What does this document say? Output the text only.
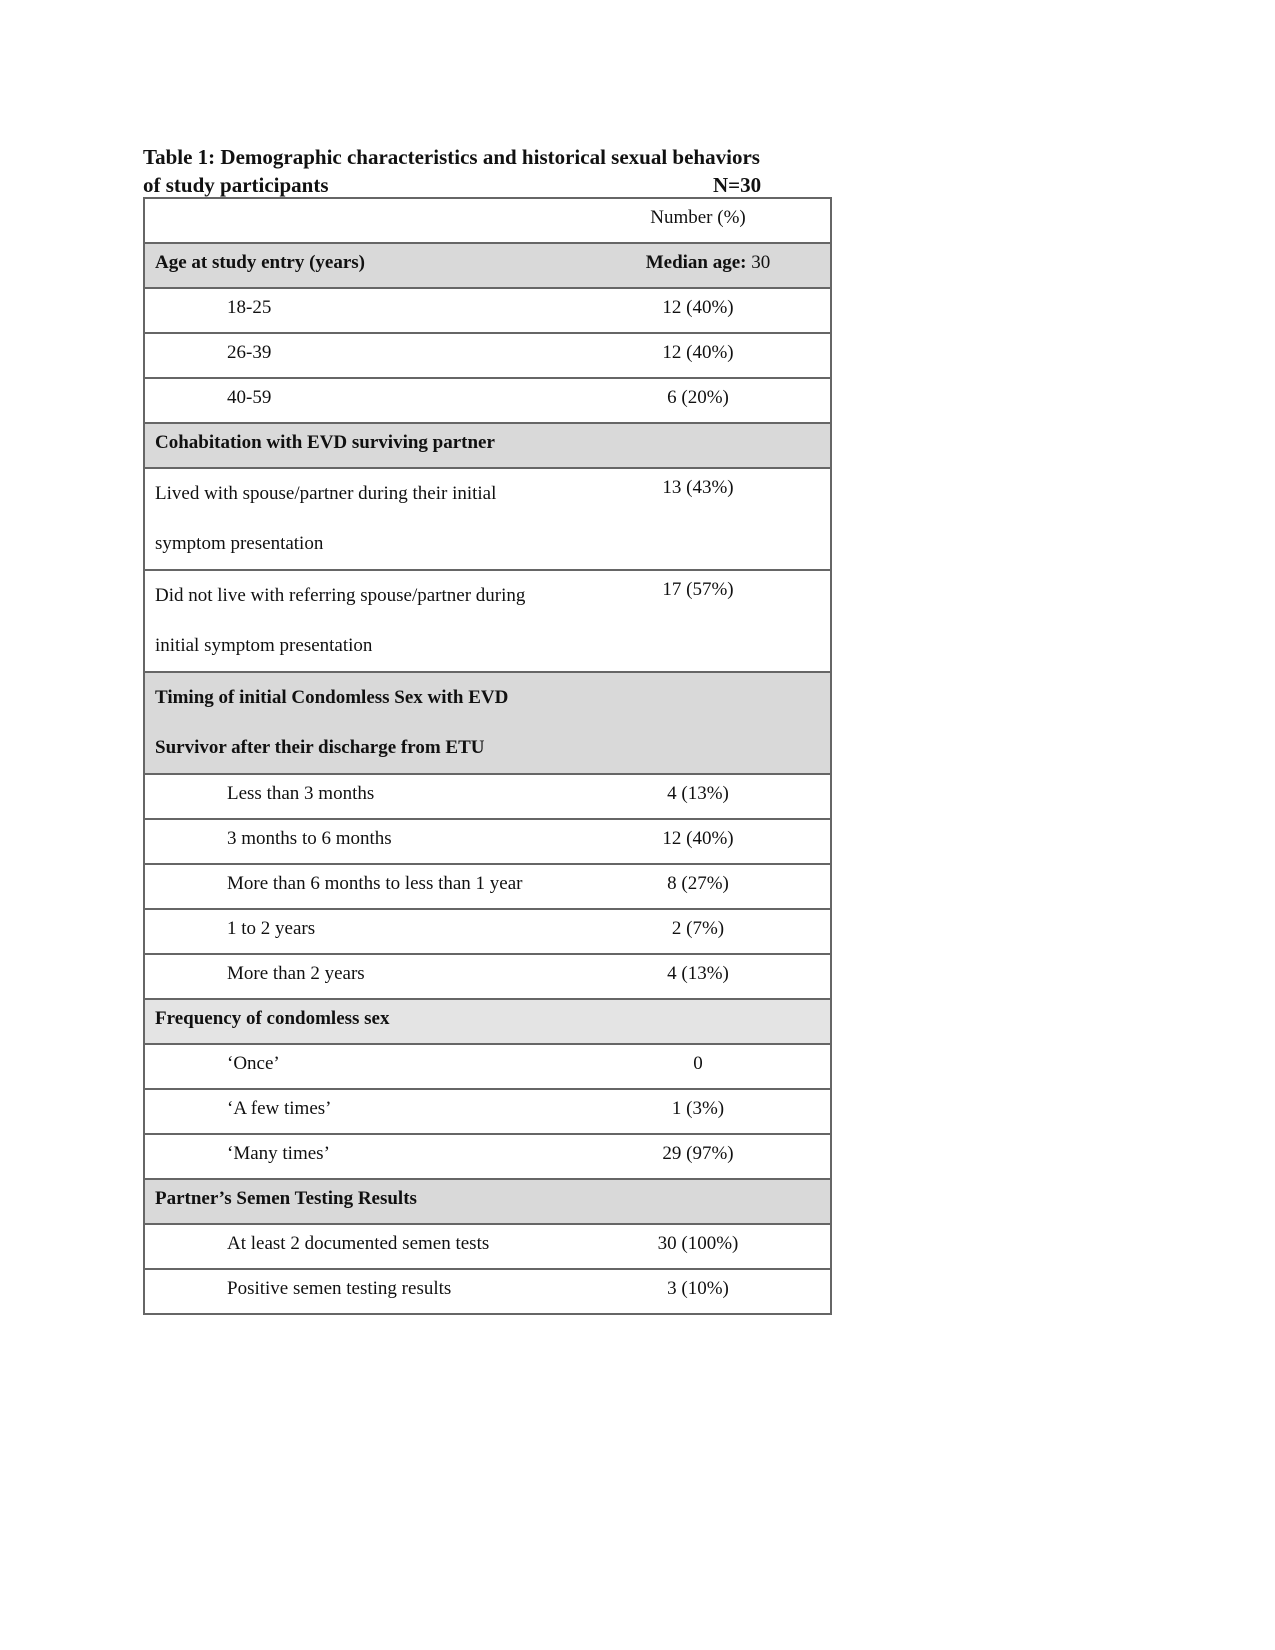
Table 1: Demographic characteristics and historical sexual behaviors
of study participants	N=30
	Number (%)
Age at study entry (years)	Median age: 30
18-25	12 (40%)
26-39	12 (40%)
40-59	6 (20%)
Cohabitation with EVD surviving partner	

Lived with spouse/partner during their initial
symptom presentation	13 (43%)

Did not live with referring spouse/partner during
initial symptom presentation	17 (57%)

Timing of initial Condomless Sex with EVD
Survivor after their discharge from ETU	

Less than 3 months	4 (13%)
3 months to 6 months	12 (40%)
More than 6 months to less than 1 year	8 (27%)
1 to 2 years	2 (7%)
More than 2 years	4 (13%)
Frequency of condomless sex	
‘Once’	0
‘A few times’	1 (3%)
‘Many times’	29 (97%)
Partner’s Semen Testing Results	
At least 2 documented semen tests	30 (100%)
Positive semen testing results	3 (10%)
